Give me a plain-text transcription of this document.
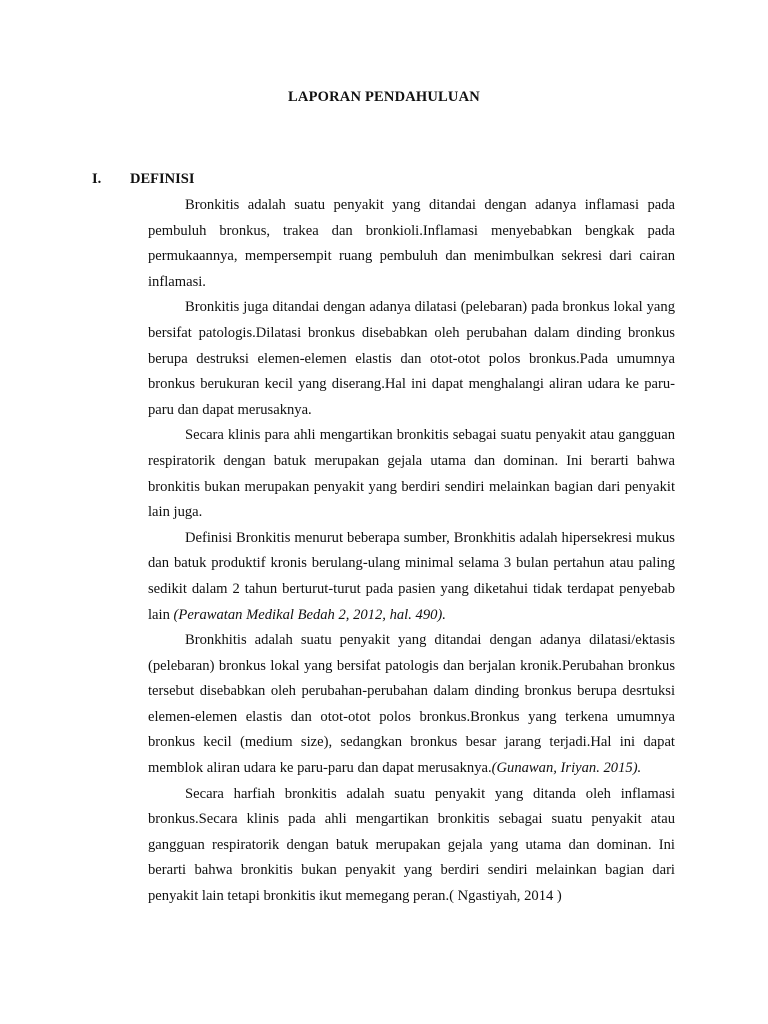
LAPORAN PENDAHULUAN
I. DEFINISI

Bronkitis adalah suatu penyakit yang ditandai dengan adanya inflamasi pada pembuluh bronkus, trakea dan bronkioli.Inflamasi menyebabkan bengkak pada permukaannya, mempersempit ruang pembuluh dan menimbulkan sekresi dari cairan inflamasi.

Bronkitis juga ditandai dengan adanya dilatasi (pelebaran) pada bronkus lokal yang bersifat patologis.Dilatasi bronkus disebabkan oleh perubahan dalam dinding bronkus berupa destruksi elemen-elemen elastis dan otot-otot polos bronkus.Pada umumnya bronkus berukuran kecil yang diserang.Hal ini dapat menghalangi aliran udara ke paru-paru dan dapat merusaknya.

Secara klinis para ahli mengartikan bronkitis sebagai suatu penyakit atau gangguan respiratorik dengan batuk merupakan gejala utama dan dominan. Ini berarti bahwa bronkitis bukan merupakan penyakit yang berdiri sendiri melainkan bagian dari penyakit lain juga.

Definisi Bronkitis menurut beberapa sumber, Bronkhitis adalah hipersekresi mukus dan batuk produktif kronis berulang-ulang minimal selama 3 bulan pertahun atau paling sedikit dalam 2 tahun berturut-turut pada pasien yang diketahui tidak terdapat penyebab lain (Perawatan Medikal Bedah 2, 2012, hal. 490).

Bronkhitis adalah suatu penyakit yang ditandai dengan adanya dilatasi/ektasis (pelebaran) bronkus lokal yang bersifat patologis dan berjalan kronik.Perubahan bronkus tersebut disebabkan oleh perubahan-perubahan dalam dinding bronkus berupa desrtuksi elemen-elemen elastis dan otot-otot polos bronkus.Bronkus yang terkena umumnya bronkus kecil (medium size), sedangkan bronkus besar jarang terjadi.Hal ini dapat memblok aliran udara ke paru-paru dan dapat merusaknya.(Gunawan, Iriyan. 2015).

Secara harfiah bronkitis adalah suatu penyakit yang ditanda oleh inflamasi bronkus.Secara klinis pada ahli mengartikan bronkitis sebagai suatu penyakit atau gangguan respiratorik dengan batuk merupakan gejala yang utama dan dominan. Ini berarti bahwa bronkitis bukan penyakit yang berdiri sendiri melainkan bagian dari penyakit lain tetapi bronkitis ikut memegang peran.( Ngastiyah, 2014 )
